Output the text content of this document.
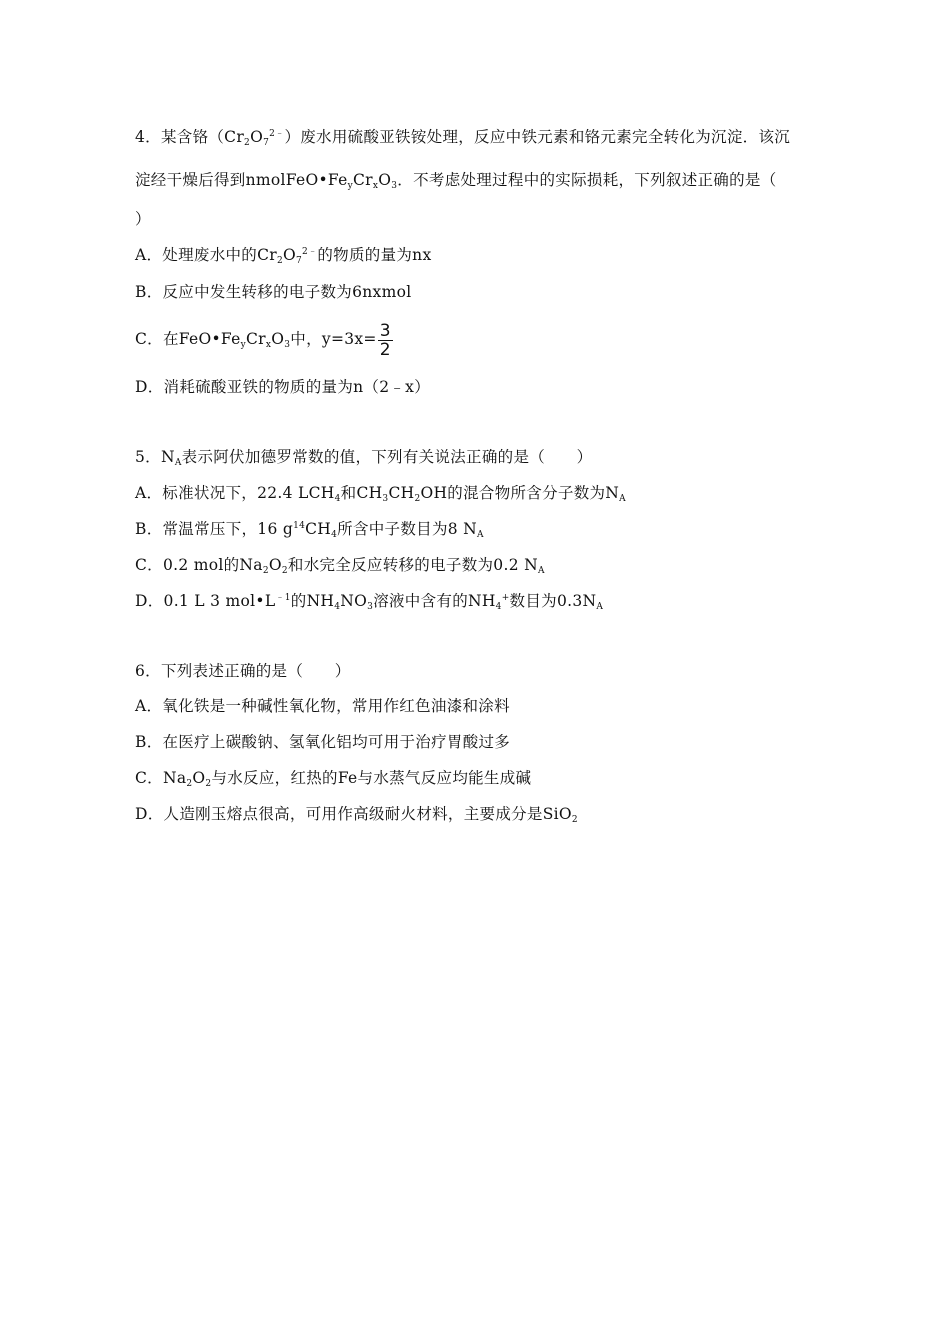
4．某含铬$(Cr_2O_7^{2﹣})$废水用硫酸亚铁铵处理，反应中铁元素和铬元素完全转化为沉淀．该沉
淀经干燥后得到$nmolFeO•Fe_yCr_xO_3$．不考虑处理过程中的实际损耗，下列叙述正确的是（
）
A．处理废水中的$Cr_2O_7^{2﹣}$的物质的量为nx
B．反应中发生转移的电子数为6nxmol
C．在$FeO•Fe_yCr_xO_3$中，$y=3x= \frac{3}{2}$
D．消耗硫酸亚铁的物质的量为n（2﹣x）
5．$N_A$表示阿伏加德罗常数的值，下列有关说法正确的是（　　）
A．标准状况下，22.4 $LCH_4$和$CH_3CH_2OH$的混合物所含分子数为$N_A$
B．常温常压下，16 $g^{14}CH_4$所含中子数目为8 $N_A$
C．0.2 mol的$Na_2O_2$和水完全反应转移的电子数为0.2 $N_A$
D．0.1 L 3 $mol•L^{﹣1}$的$NH_4NO_3$溶液中含有的$NH_4^+$数目为$0.3N_A$
6．下列表述正确的是（　　）
A．氧化铁是一种碱性氧化物，常用作红色油漆和涂料
B．在医疗上碳酸钠、氢氧化铝均可用于治疗胃酸过多
C．$Na_2O_2$与水反应，红热的Fe与水蒸气反应均能生成碱
D．人造刚玉熔点很高，可用作高级耐火材料，主要成分是SiO$_2$
